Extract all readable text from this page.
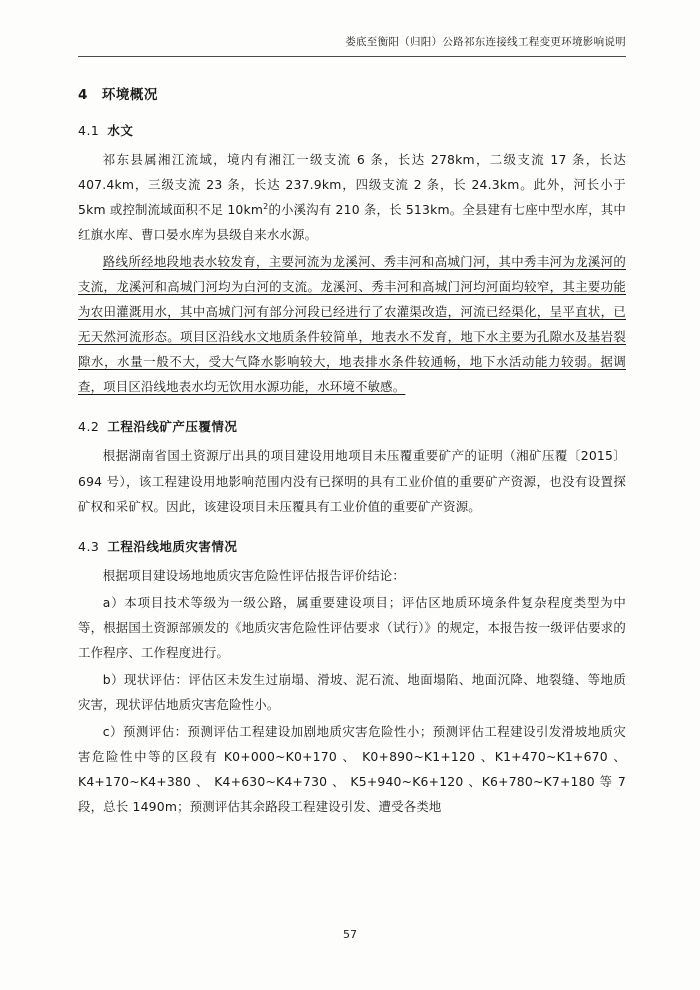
娄底至衡阳（归阳）公路祁东连接线工程变更环境影响说明
4 环境概况
4.1 水文

祁东县属湘江流域，境内有湘江一级支流 6 条，长达 278km，二级支流 17 条，长达 407.4km，三级支流 23 条，长达 237.9km，四级支流 2 条，长 24.3km。此外，河长小于 5km 或控制流域面积不足 $10km^2$的小溪沟有 210 条，长 513km。全县建有七座中型水库，其中红旗水库、曹口晏水库为县级自来水水源。

路线所经地段地表水较发育，主要河流为龙溪河、秀丰河和高城门河，其中秀丰河为龙溪河的支流，龙溪河和高城门河均为白河的支流。龙溪河、秀丰河和高城门河均河面均较窄，其主要功能为农田灌溉用水，其中高城门河有部分河段已经进行了农灌渠改造，河流已经渠化，呈平直状，已无天然河流形态。项目区沿线水文地质条件较简单，地表水不发育，地下水主要为孔隙水及基岩裂隙水，水量一般不大，受大气降水影响较大，地表排水条件较通畅，地下水活动能力较弱。据调查，项目区沿线地表水均无饮用水源功能，水环境不敏感。

4.2 工程沿线矿产压覆情况

根据湖南省国土资源厅出具的项目建设用地项目未压覆重要矿产的证明（湘矿压覆〔2015〕694 号），该工程建设用地影响范围内没有已探明的具有工业价值的重要矿产资源，也没有设置探矿权和采矿权。因此，该建设项目未压覆具有工业价值的重要矿产资源。

4.3 工程沿线地质灾害情况

根据项目建设场地地质灾害危险性评估报告评价结论：

a）本项目技术等级为一级公路，属重要建设项目；评估区地质环境条件复杂程度类型为中等，根据国土资源部颁发的《地质灾害危险性评估要求（试行）》的规定，本报告按一级评估要求的工作程序、工作程度进行。

b）现状评估：评估区未发生过崩塌、滑坡、泥石流、地面塌陷、地面沉降、地裂缝、等地质灾害，现状评估地质灾害危险性小。

c）预测评估：预测评估工程建设加剧地质灾害危险性小；预测评估工程建设引发滑坡地质灾害危险性中等的区段有 K0+000~K0+170 、 K0+890~K1+120 、K1+470~K1+670 、 K4+170~K4+380 、 K4+630~K4+730 、 K5+940~K6+120 、K6+780~K7+180 等 7 段，总长 1490m；预测评估其余路段工程建设引发、遭受各类地

57
